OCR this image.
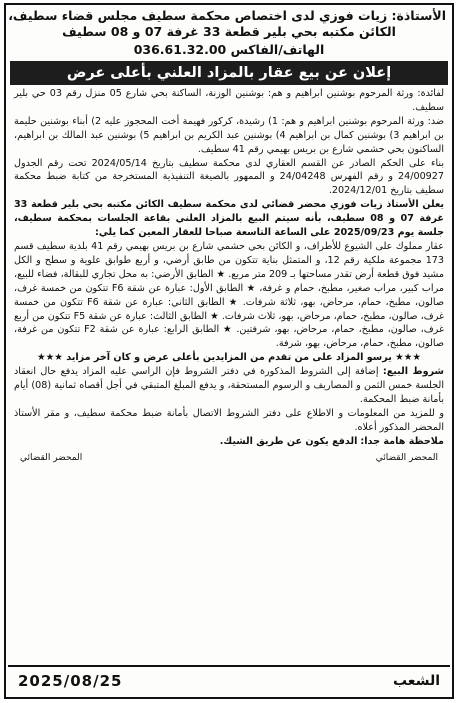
الأستاذة: زيات فوزي لدى اختصاص محكمة سطيف مجلس قضاء سطيف،
الكائن مكتبه بحي بلير قطعة 33 غرفة 07 و 08 سطيف
الهاتف/الفاكس 036.61.32.00
إعلان عن بيع عقار بالمزاد العلني بأعلى عرض

لفائدة: ورثة المرحوم بوشنين ابراهيم و هم: بوشنين الوزنة، الساكنة بحي شارع 05 منزل رقم 03 حي بلير سطيف.

ضد: ورثة المرحوم بوشنين ابراهيم و هم: 1) رشيدة، كركور فهيمة أخت المحجوز عليه 2) أبناء بوشنين حليمة بن ابراهيم 3) بوشنين كمال بن ابراهيم 4) بوشنين عبد الكريم بن ابراهيم 5) بوشنين عبد المالك بن ابراهيم، الساكنون بحي حشمي شارع بن بريس بهيمي رقم 41 سطيف.

بناء على الحكم الصادر عن القسم العقاري لدى محكمة سطيف بتاريخ 2024/05/14 تحت رقم الجدول 24/00927 و رقم الفهرس 24/04248 و الممهور بالصيغة التنفيذية المستخرجة من كتابة ضبط محكمة سطيف بتاريخ 2024/12/01.

يعلن الأستاذ زيات فوزي محضر قضائي لدى محكمة سطيف الكائن مكتبه بحي بلير قطعة 33 غرفة 07 و 08 سطيف، بأنه سيتم البيع بالمزاد العلني بقاعة الجلسات بمحكمة سطيف، جلسة يوم 2025/09/23 على الساعة التاسعة صباحا للعقار المعين كما يلي:

عقار مملوك على الشيوع للأطراف، و الكائن بحي حشمي شارع بن بريس بهيمي رقم 41 بلدية سطيف قسم 173 مجموعة ملكية رقم 12، و المتمثل بناية تتكون من طابق أرضي، و أربع طوابق علوية و سطح و الكل مشيد فوق قطعة أرض تقدر مساحتها بـ 209 متر مربع. ★ الطابق الأرضي: به محل تجاري للبقالة، فضاء للبيع، مراب كبير، مراب صغير، مطبخ، حمام و غرفة، ★ الطابق الأول: عبارة عن شقة F6 تتكون من خمسة غرف، صالون، مطبخ، حمام، مرحاض، بهو، ثلاثة شرفات. ★ الطابق الثاني: عبارة عن شقة F6 تتكون من خمسة غرف، صالون، مطبخ، حمام، مرحاض، بهو، ثلاث شرفات. ★ الطابق الثالث: عبارة عن شقة F5 تتكون من أربع غرف، صالون، مطبخ، حمام، مرحاض، بهو، شرفتين. ★ الطابق الرابع: عبارة عن شقة F2 تتكون من غرفة، صالون، مطبخ، حمام، مرحاض، بهو، شرفة.

★★★ يرسو المزاد على من تقدم من المزايدين بأعلى عرض و كان آخر مزايد ★★★

شروط البيع: إضافة إلى الشروط المذكورة في دفتر الشروط فإن الراسي عليه المزاد يدفع حال انعقاد الجلسة خمس الثمن و المصاريف و الرسوم المستحقة، و يدفع المبلغ المتبقي في أجل أقصاه ثمانية (08) أيام بأمانة ضبط المحكمة.

و للمزيد من المعلومات و الاطلاع على دفتر الشروط الاتصال بأمانة ضبط محكمة سطيف، و مقر الأستاذ المحضر المذكور أعلاه.

ملاحظة هامة جدا: الدفع يكون عن طريق الشيك.

المحضر القضائي
المحضر القضائي
الشعب
2025/08/25
